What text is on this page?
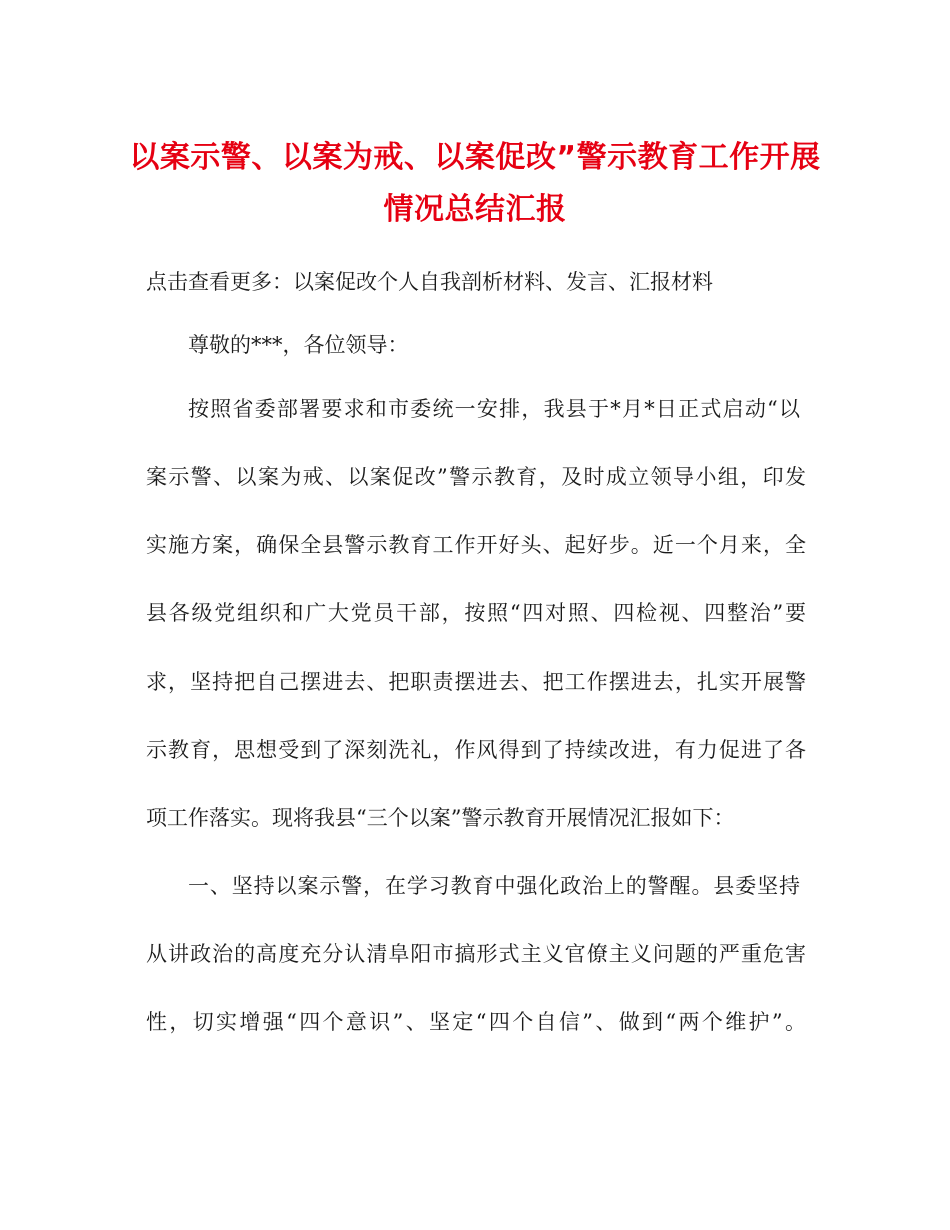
以案示警、以案为戒、以案促改”警示教育工作开展
情况总结汇报
点击查看更多：以案促改个人自我剖析材料、发言、汇报材料
尊敬的***，各位领导：
按照省委部署要求和市委统一安排，我县于*月*日正式启动“以
案示警、以案为戒、以案促改”警示教育，及时成立领导小组，印发
实施方案，确保全县警示教育工作开好头、起好步。近一个月来，全
县各级党组织和广大党员干部，按照“四对照、四检视、四整治”要
求，坚持把自己摆进去、把职责摆进去、把工作摆进去，扎实开展警
示教育，思想受到了深刻洗礼，作风得到了持续改进，有力促进了各
项工作落实。现将我县“三个以案”警示教育开展情况汇报如下：
一、坚持以案示警，在学习教育中强化政治上的警醒。县委坚持
从讲政治的高度充分认清阜阳市搞形式主义官僚主义问题的严重危害
性，切实增强“四个意识”、坚定“四个自信”、做到“两个维护”。
